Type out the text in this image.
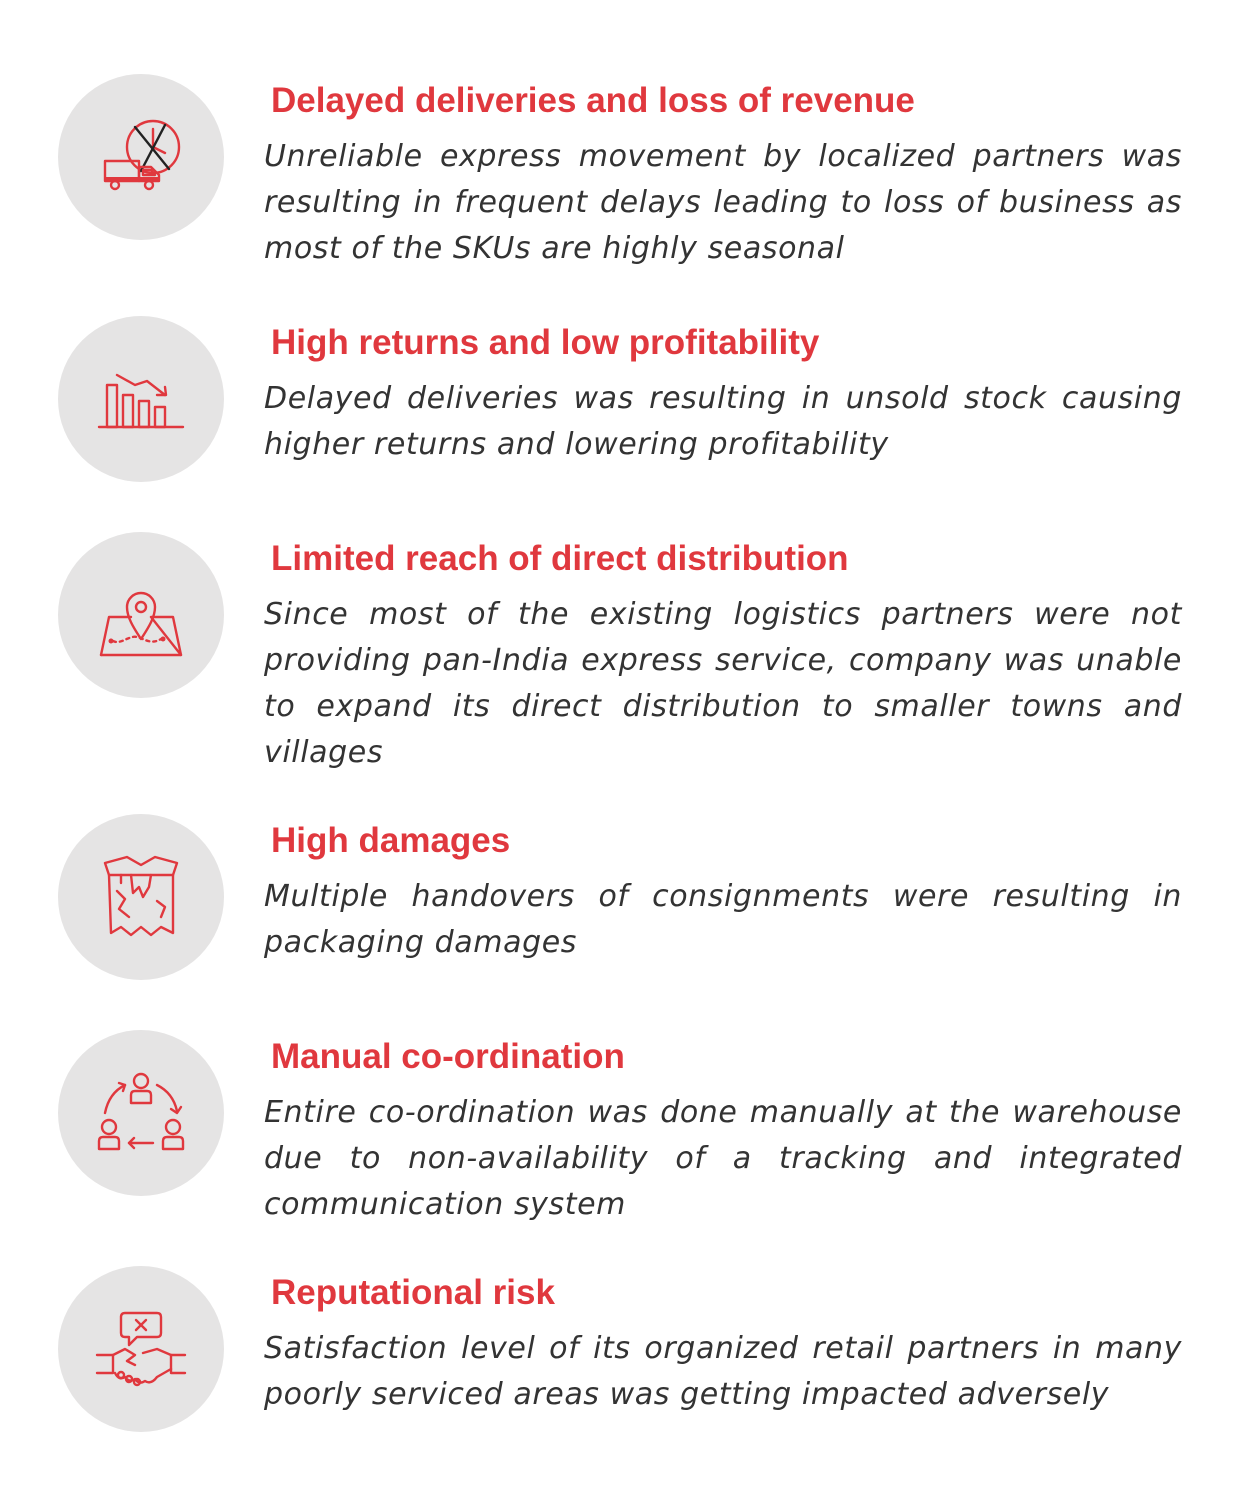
Delayed deliveries and loss of revenue

Unreliable express movement by localized partners was resulting in frequent delays leading to loss of business as most of the SKUs are highly seasonal

High returns and low profitability

Delayed deliveries was resulting in unsold stock causing higher returns and lowering profitability

Limited reach of direct distribution

Since most of the existing logistics partners were not providing pan-India express service, company was unable to expand its direct distribution to smaller towns and villages

High damages

Multiple handovers of consignments were resulting in packaging damages

Manual co-ordination

Entire co-ordination was done manually at the warehouse due to non-availability of a tracking and integrated communication system

Reputational risk

Satisfaction level of its organized retail partners in many poorly serviced areas was getting impacted adversely
